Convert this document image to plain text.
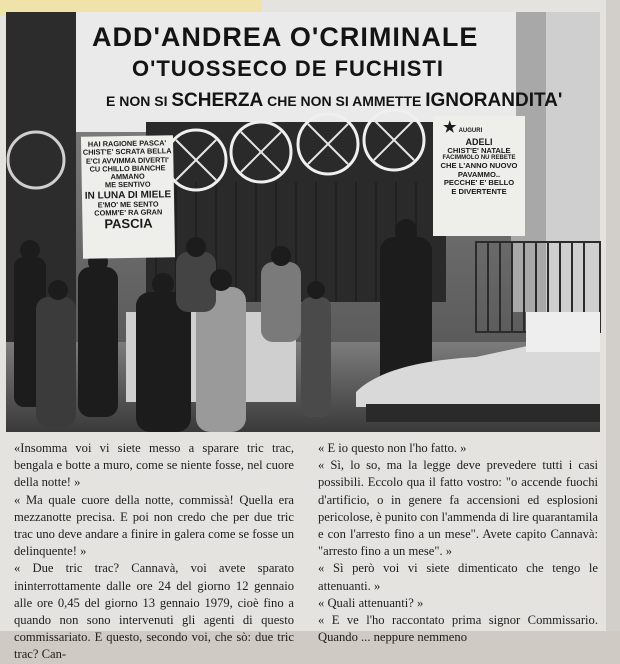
ADD'ANDREA O'CRIMINALE
O'TUOSSECO DE FUCHISTI
E NON SI SCHERZA CHE NON SI AMMETTE IGNORANDITA'
HAI RAGIONE PASCA'
CHIST'E' SCRATA BELLA
E'CI AVVIMMA DIVERTI'
CU CHILLO BIANCHE AMMANO
ME SENTIVO
IN LUNA DI MIELE
E'MO' ME SENTO
COMM'E' RA GRAN
PASCIA
★ AUGURI
ADELI
CHIST'E' NATALE
FACIMMOLO NU REBETE
CHE L'ANNO NUOVO
PAVAMMO..
PECCHE' E' BELLO
E DIVERTENTE

«Insomma voi vi siete messo a sparare tric trac, bengala e botte a muro, come se niente fosse, nel cuore della notte! »

« Ma quale cuore della notte, commissà! Quella era mezzanotte precisa. E poi non credo che per due tric trac uno deve andare a finire in galera come se fosse un delinquente! »

« Due tric trac? Cannavà, voi avete sparato ininterrottamente dalle ore 24 del giorno 12 gennaio alle ore 0,45 del giorno 13 gennaio 1979, cioè fino a quando non sono intervenuti gli agenti di questo commissariato. E questo, secondo voi, che sò: due tric trac? Can-

« E io questo non l'ho fatto. »

« Sì, lo so, ma la legge deve prevedere tutti i casi possibili. Eccolo qua il fatto vostro: "o accende fuochi d'artificio, o in genere fa accensioni ed esplosioni pericolose, è punito con l'ammenda di lire quarantamila e con l'arresto fino a un mese". Avete capito Cannavà: "arresto fino a un mese". »

« Sì però voi vi siete dimenticato che tengo le attenuanti. »

« Quali attenuanti? »

« E ve l'ho raccontato prima signor Commissario. Quando ... neppure nemmeno
